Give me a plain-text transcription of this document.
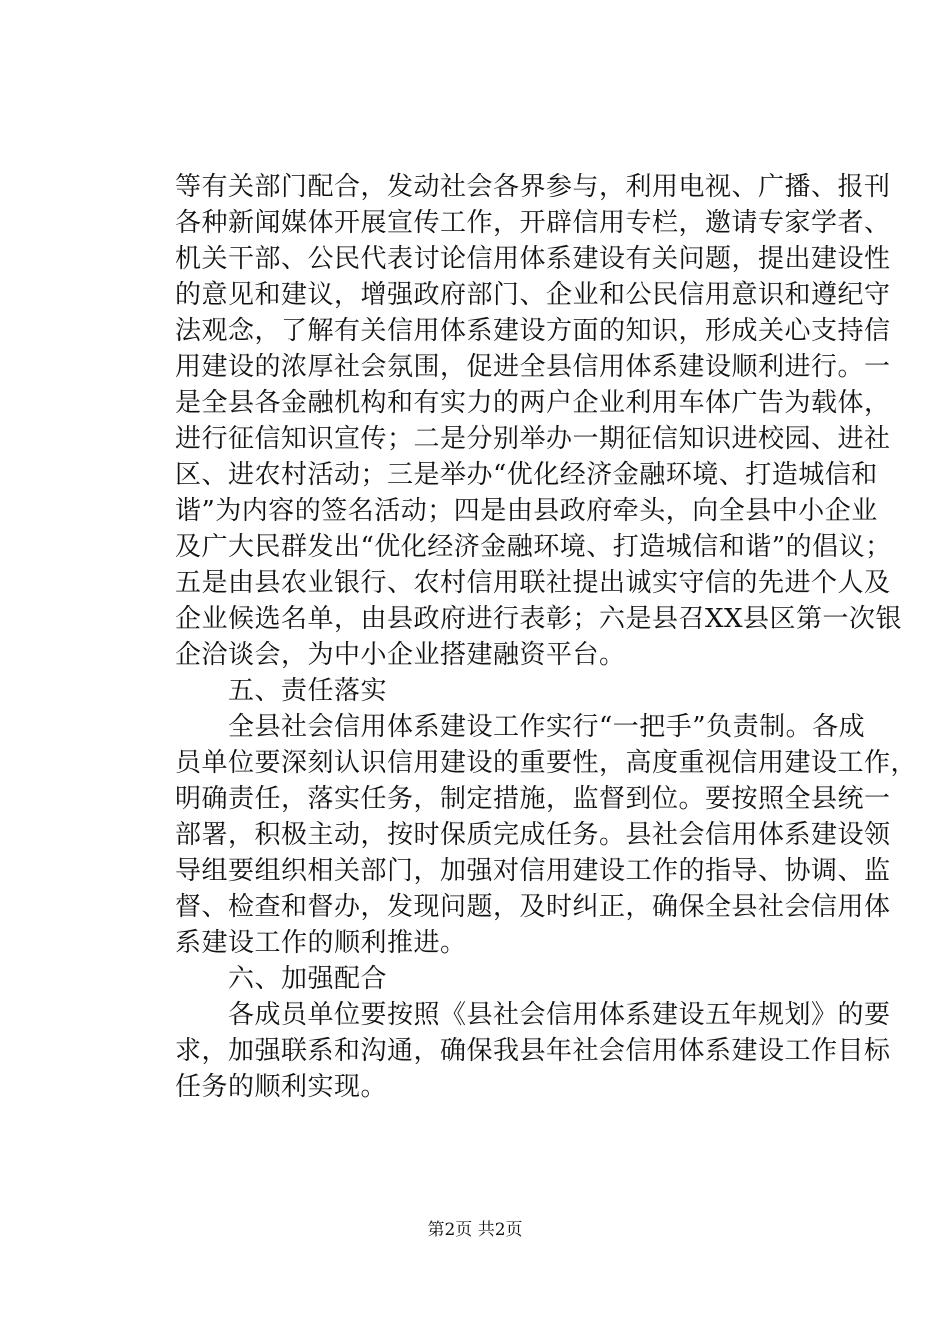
等有关部门配合，发动社会各界参与，利用电视、广播、报刊
各种新闻媒体开展宣传工作，开辟信用专栏，邀请专家学者、
机关干部、公民代表讨论信用体系建设有关问题，提出建设性
的意见和建议，增强政府部门、企业和公民信用意识和遵纪守
法观念，了解有关信用体系建设方面的知识，形成关心支持信
用建设的浓厚社会氛围，促进全县信用体系建设顺利进行。一
是全县各金融机构和有实力的两户企业利用车体广告为载体，
进行征信知识宣传；二是分别举办一期征信知识进校园、进社
区、进农村活动；三是举办“优化经济金融环境、打造城信和
谐”为内容的签名活动；四是由县政府牵头，向全县中小企业
及广大民群发出“优化经济金融环境、打造城信和谐”的倡议；
五是由县农业银行、农村信用联社提出诚实守信的先进个人及
企业候选名单，由县政府进行表彰；六是县召XX县区第一次银
企洽谈会，为中小企业搭建融资平台。
　　五、责任落实
　　全县社会信用体系建设工作实行“一把手”负责制。各成
员单位要深刻认识信用建设的重要性，高度重视信用建设工作，
明确责任，落实任务，制定措施，监督到位。要按照全县统一
部署，积极主动，按时保质完成任务。县社会信用体系建设领
导组要组织相关部门，加强对信用建设工作的指导、协调、监
督、检查和督办，发现问题，及时纠正，确保全县社会信用体
系建设工作的顺利推进。
　　六、加强配合
　　各成员单位要按照《县社会信用体系建设五年规划》的要
求，加强联系和沟通，确保我县年社会信用体系建设工作目标
任务的顺利实现。
第2页 共2页
